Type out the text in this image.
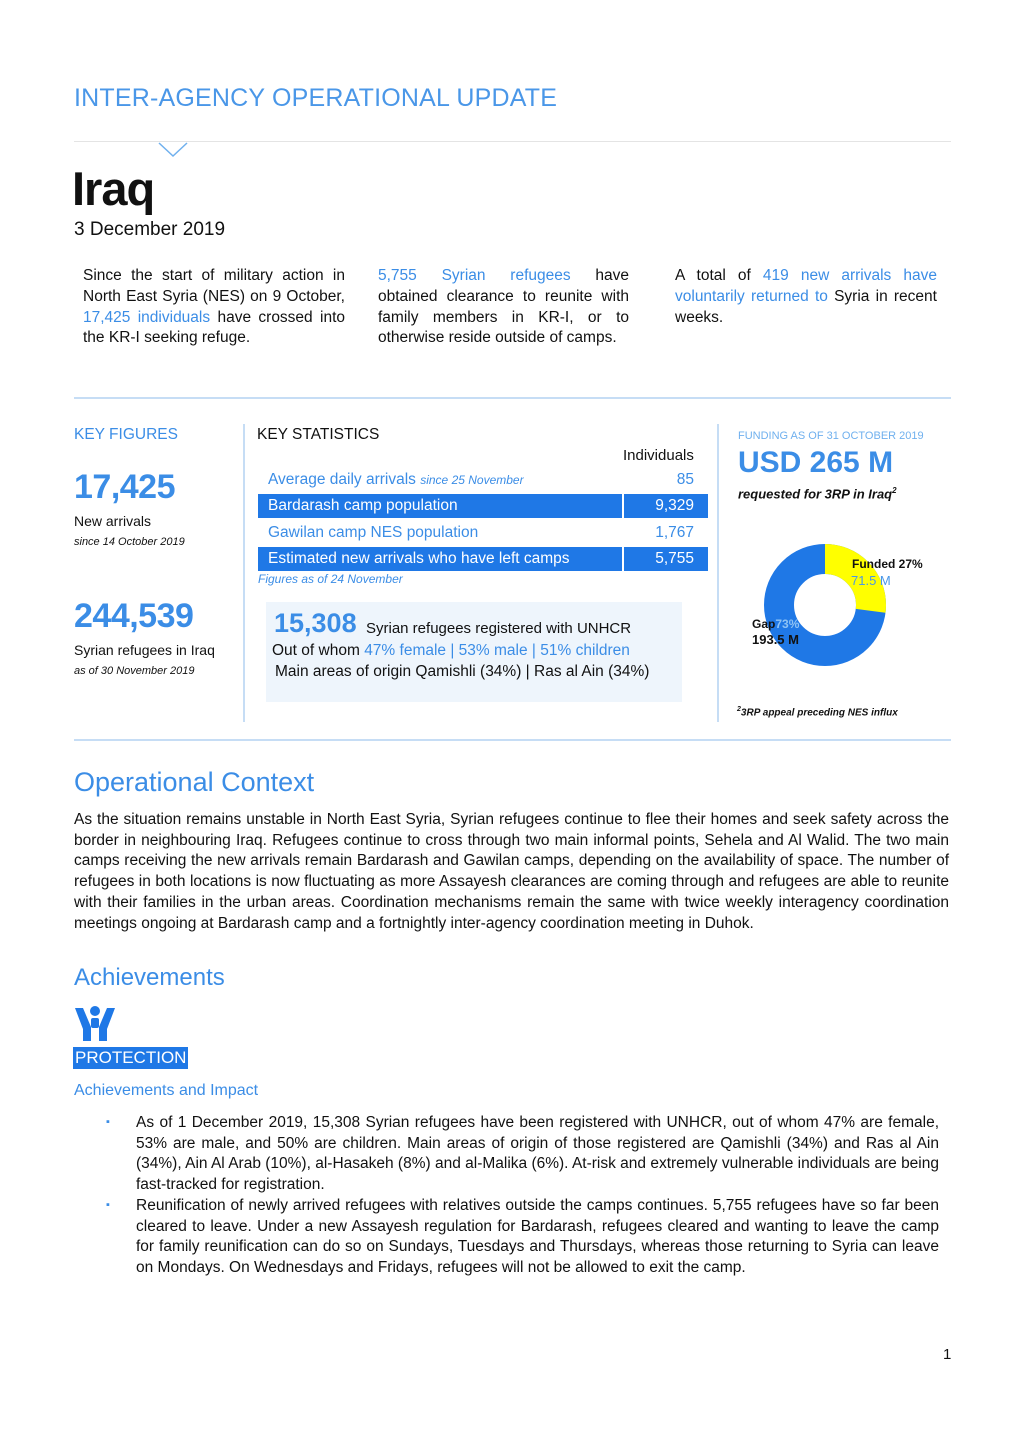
INTER-AGENCY OPERATIONAL UPDATE
Iraq
3 December 2019
Since the start of military action in North East Syria (NES) on 9 October, 17,425 individuals have crossed into the KR-I seeking refuge.
5,755 Syrian refugees have obtained clearance to reunite with family members in KR-I, or to otherwise reside outside of camps.
A total of 419 new arrivals have voluntarily returned to Syria in recent weeks.
KEY FIGURES
17,425
New arrivals
since 14 October 2019
244,539
Syrian refugees in Iraq
as of 30 November 2019
KEY STATISTICS
Individuals
Average daily arrivals since 25 November	85
Bardarash camp population	9,329
Gawilan camp NES population	1,767
Estimated new arrivals who have left camps	5,755
Figures as of 24 November
15,308 Syrian refugees registered with UNHCR
Out of whom 47% female | 53% male | 51% children
Main areas of origin Qamishli (34%) | Ras al Ain (34%)
FUNDING AS OF 31 OCTOBER 2019
USD 265 M
requested for 3RP in Iraq$^2$
Funded 27%
71.5 M
Gap73%
193.5 M
$^2$3RP appeal preceding NES influx
Operational Context
As the situation remains unstable in North East Syria, Syrian refugees continue to flee their homes and seek safety across the border in neighbouring Iraq. Refugees continue to cross through two main informal points, Sehela and Al Walid. The two main camps receiving the new arrivals remain Bardarash and Gawilan camps, depending on the availability of space. The number of refugees in both locations is now fluctuating as more Assayesh clearances are coming through and refugees are able to reunite with their families in the urban areas. Coordination mechanisms remain the same with twice weekly interagency coordination meetings ongoing at Bardarash camp and a fortnightly inter-agency coordination meeting in Duhok.
Achievements
PROTECTION
Achievements and Impact
▪ As of 1 December 2019, 15,308 Syrian refugees have been registered with UNHCR, out of whom 47% are female, 53% are male, and 50% are children. Main areas of origin of those registered are Qamishli (34%) and Ras al Ain (34%), Ain Al Arab (10%), al-Hasakeh (8%) and al-Malika (6%). At-risk and extremely vulnerable individuals are being fast-tracked for registration.
▪ Reunification of newly arrived refugees with relatives outside the camps continues. 5,755 refugees have so far been cleared to leave. Under a new Assayesh regulation for Bardarash, refugees cleared and wanting to leave the camp for family reunification can do so on Sundays, Tuesdays and Thursdays, whereas those returning to Syria can leave on Mondays. On Wednesdays and Fridays, refugees will not be allowed to exit the camp.
1
